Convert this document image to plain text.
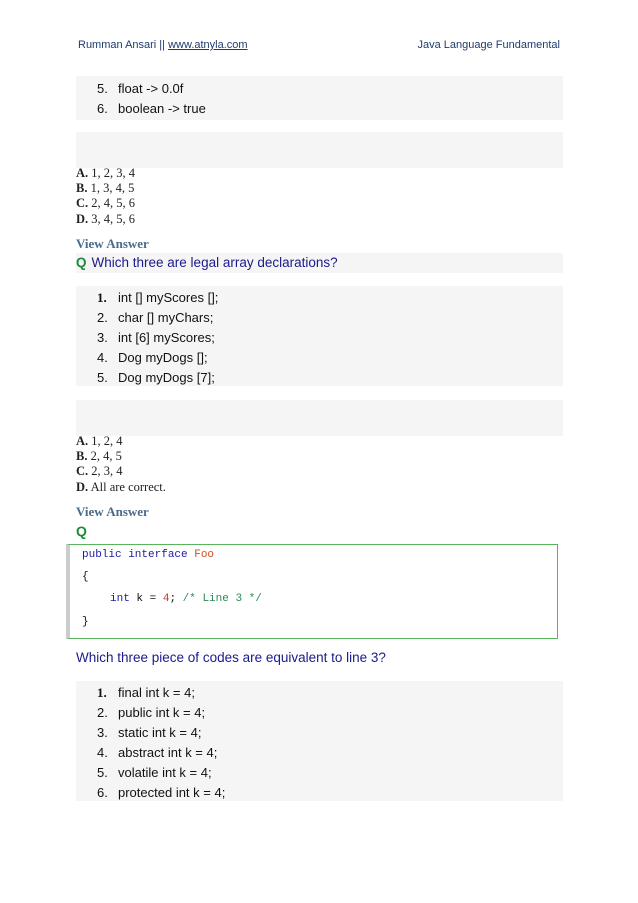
Rumman Ansari || www.atnyla.com	Java Language Fundamental
5. float -> 0.0f
6. boolean -> true
A. 1, 2, 3, 4
B. 1, 3, 4, 5
C. 2, 4, 5, 6
D. 3, 4, 5, 6
View Answer
Q Which three are legal array declarations?
1. int [] myScores [];
2. char [] myChars;
3. int [6] myScores;
4. Dog myDogs [];
5. Dog myDogs [7];
A. 1, 2, 4
B. 2, 4, 5
C. 2, 3, 4
D. All are correct.
View Answer
Q
public interface Foo
{
int k = 4; /* Line 3 */
}
Which three piece of codes are equivalent to line 3?
1. final int k = 4;
2. public int k = 4;
3. static int k = 4;
4. abstract int k = 4;
5. volatile int k = 4;
6. protected int k = 4;
